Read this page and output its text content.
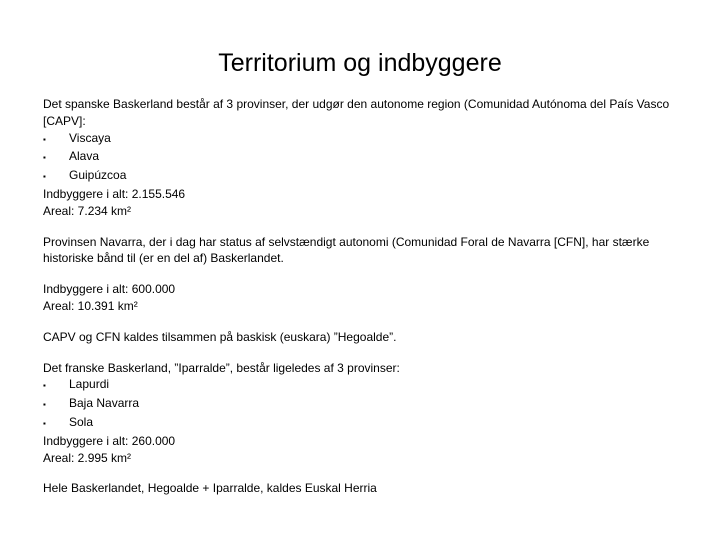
Territorium og indbyggere

Det spanske Baskerland består af 3 provinser, der udgør den autonome region (Comunidad Autónoma del País Vasco [CAPV]:

▪	Viscaya
▪	Alava
▪	Guipúzcoa

Indbyggere i alt: 2.155.546

Areal: 7.234 km²

Provinsen Navarra, der i dag har status af selvstændigt autonomi (Comunidad Foral de Navarra [CFN], har stærke historiske bånd til (er en del af) Baskerlandet.

Indbyggere i alt: 600.000

Areal: 10.391 km²

CAPV og CFN kaldes tilsammen på baskisk (euskara) ”Hegoalde”.

Det franske Baskerland, ”Iparralde”, består ligeledes af 3 provinser:

▪	Lapurdi
▪	Baja Navarra
▪	Sola

Indbyggere i alt: 260.000

Areal: 2.995 km²

Hele Baskerlandet, Hegoalde + Iparralde, kaldes Euskal Herria
